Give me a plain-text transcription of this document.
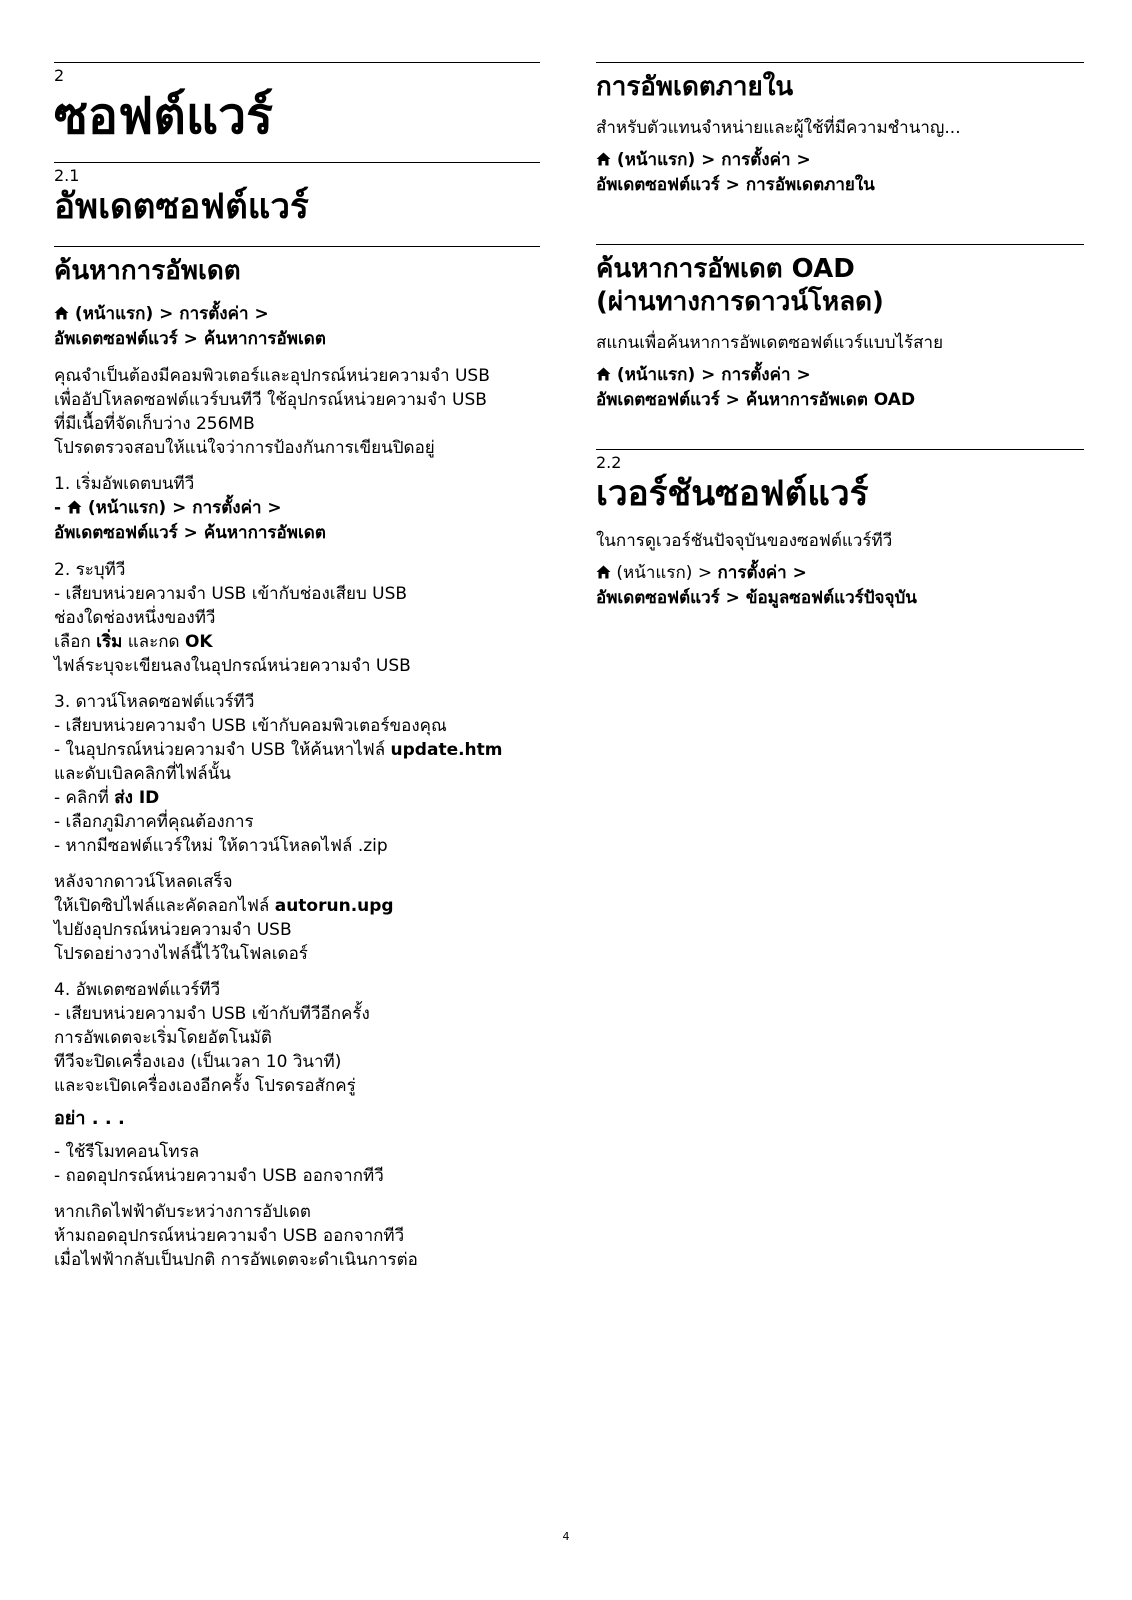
2
ซอฟต์แวร์
2.1
อัพเดตซอฟต์แวร์
ค้นหาการอัพเดต
(หน้าแรก) > การตั้งค่า >
อัพเดตซอฟต์แวร์ > ค้นหาการอัพเดต

คุณจำเป็นต้องมีคอมพิวเตอร์และอุปกรณ์หน่วยความจำ USB

เพื่ออัปโหลดซอฟต์แวร์บนทีวี ใช้อุปกรณ์หน่วยความจำ USB

ที่มีเนื้อที่จัดเก็บว่าง 256MB

โปรดตรวจสอบให้แน่ใจว่าการป้องกันการเขียนปิดอยู่

1. เริ่มอัพเดตบนทีวี

-  (หน้าแรก) > การตั้งค่า >
อัพเดตซอฟต์แวร์ > ค้นหาการอัพเดต

2. ระบุทีวี

- เสียบหน่วยความจำ USB เข้ากับช่องเสียบ USB

ช่องใดช่องหนึ่งของทีวี

เลือก เริ่ม และกด OK

ไฟล์ระบุจะเขียนลงในอุปกรณ์หน่วยความจำ USB

3. ดาวน์โหลดซอฟต์แวร์ทีวี

- เสียบหน่วยความจำ USB เข้ากับคอมพิวเตอร์ของคุณ

- ในอุปกรณ์หน่วยความจำ USB ให้ค้นหาไฟล์ update.htm

และดับเบิลคลิกที่ไฟล์นั้น

- คลิกที่ ส่ง ID

- เลือกภูมิภาคที่คุณต้องการ

- หากมีซอฟต์แวร์ใหม่ ให้ดาวน์โหลดไฟล์ .zip

หลังจากดาวน์โหลดเสร็จ

ให้เปิดซิปไฟล์และคัดลอกไฟล์ autorun.upg

ไปยังอุปกรณ์หน่วยความจำ USB

โปรดอย่างวางไฟล์นี้ไว้ในโฟลเดอร์

4. อัพเดตซอฟต์แวร์ทีวี

- เสียบหน่วยความจำ USB เข้ากับทีวีอีกครั้ง

การอัพเดตจะเริ่มโดยอัตโนมัติ

ทีวีจะปิดเครื่องเอง (เป็นเวลา 10 วินาที)

และจะเปิดเครื่องเองอีกครั้ง โปรดรอสักครู่

อย่า . . .

- ใช้รีโมทคอนโทรล

- ถอดอุปกรณ์หน่วยความจำ USB ออกจากทีวี

หากเกิดไฟฟ้าดับระหว่างการอัปเดต

ห้ามถอดอุปกรณ์หน่วยความจำ USB ออกจากทีวี

เมื่อไฟฟ้ากลับเป็นปกติ การอัพเดตจะดำเนินการต่อ

การอัพเดตภายใน

สำหรับตัวแทนจำหน่ายและผู้ใช้ที่มีความชำนาญ...

(หน้าแรก) > การตั้งค่า >
อัพเดตซอฟต์แวร์ > การอัพเดตภายใน
ค้นหาการอัพเดต OAD
(ผ่านทางการดาวน์โหลด)

สแกนเพื่อค้นหาการอัพเดตซอฟต์แวร์แบบไร้สาย

(หน้าแรก) > การตั้งค่า >
อัพเดตซอฟต์แวร์ > ค้นหาการอัพเดต OAD
2.2
เวอร์ชันซอฟต์แวร์

ในการดูเวอร์ชันปัจจุบันของซอฟต์แวร์ทีวี

(หน้าแรก) > การตั้งค่า >
อัพเดตซอฟต์แวร์ > ข้อมูลซอฟต์แวร์ปัจจุบัน
4
